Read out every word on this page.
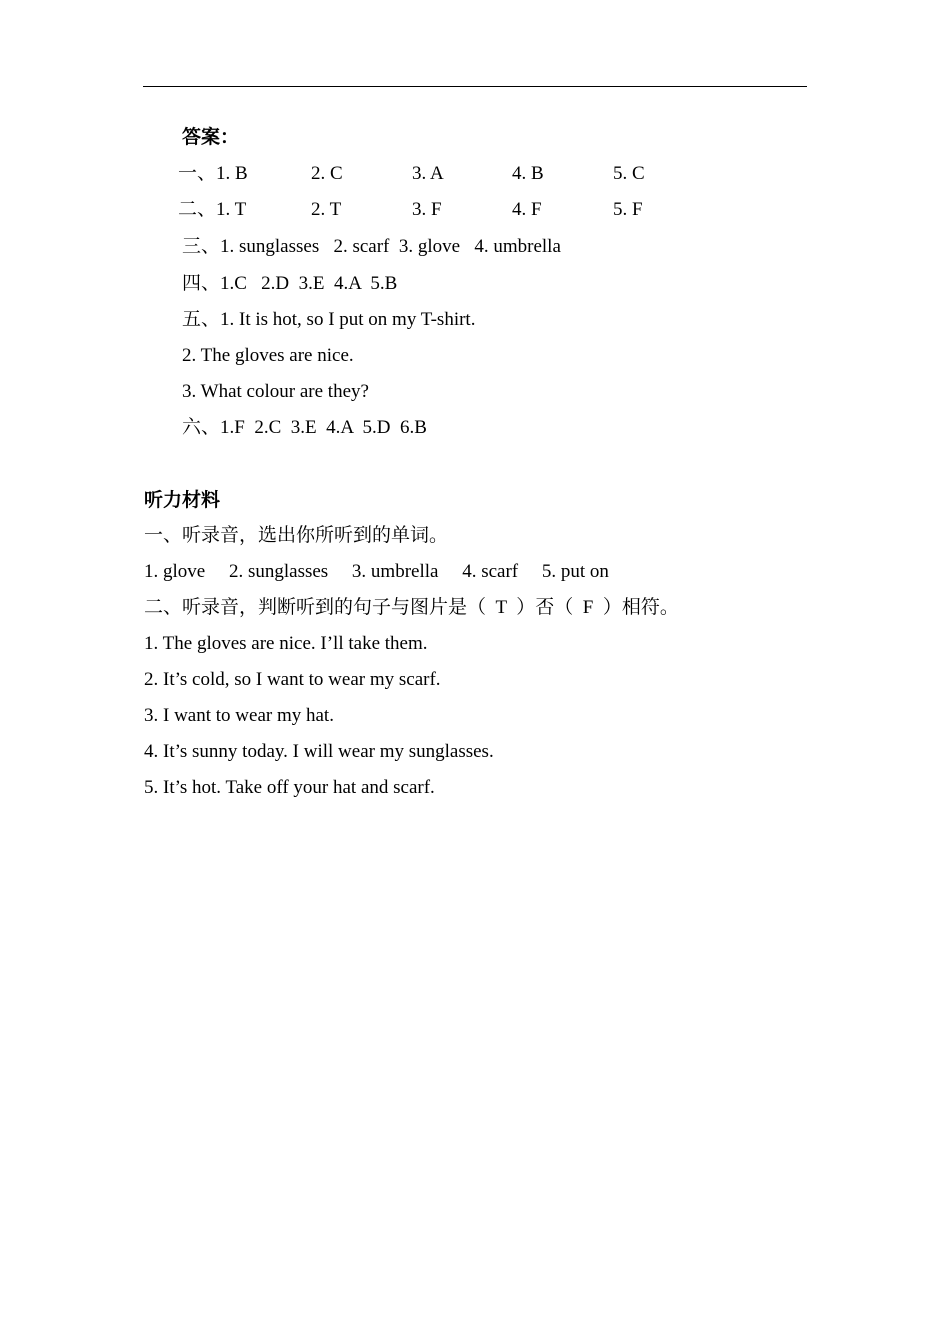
答案：
一、 1. B	2. C	3. A	4. B	5. C
二、 1. T	2. T	3. F	4. F	5. F
三、1. sunglasses   2. scarf  3. glove   4. umbrella
四、1.C   2.D  3.E  4.A  5.B
五、1. It is hot, so I put on my T-shirt.
2. The gloves are nice.
3. What colour are they?
六、1.F  2.C  3.E  4.A  5.D  6.B
听力材料
一、听录音，选出你所听到的单词。
1. glove     2. sunglasses     3. umbrella     4. scarf     5. put on
二、听录音，判断听到的句子与图片是（  T  ）否（  F  ）相符。
1. The gloves are nice. I’ll take them.
2. It’s cold, so I want to wear my scarf.
3. I want to wear my hat.
4. It’s sunny today. I will wear my sunglasses.
5. It’s hot. Take off your hat and scarf.
